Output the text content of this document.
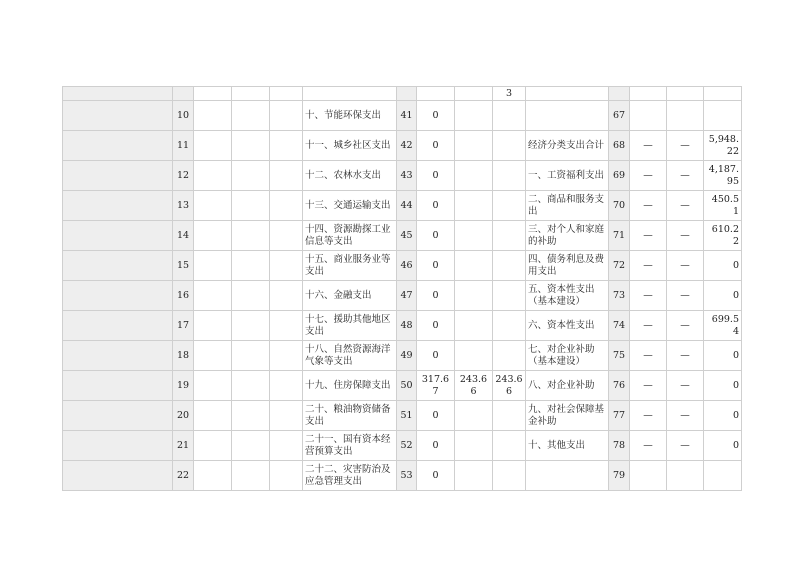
									3					
	10				十、节能环保支出	41	0				67			
	11				十一、城乡社区支出	42	0			经济分类支出合计	68	—	—	5,948.22
	12				十二、农林水支出	43	0			一、工资福利支出	69	—	—	4,187.95
	13				十三、交通运输支出	44	0			二、商品和服务支出	70	—	—	450.51
	14				十四、资源勘探工业信息等支出	45	0			三、对个人和家庭的补助	71	—	—	610.22
	15				十五、商业服务业等支出	46	0			四、债务利息及费用支出	72	—	—	0
	16				十六、金融支出	47	0			五、资本性支出（基本建设）	73	—	—	0
	17				十七、援助其他地区支出	48	0			六、资本性支出	74	—	—	699.54
	18				十八、自然资源海洋气象等支出	49	0			七、对企业补助（基本建设）	75	—	—	0
	19				十九、住房保障支出	50	317.67	243.66	243.66	八、对企业补助	76	—	—	0
	20				二十、粮油物资储备支出	51	0			九、对社会保障基金补助	77	—	—	0
	21				二十一、国有资本经营预算支出	52	0			十、其他支出	78	—	—	0
	22				二十二、灾害防治及应急管理支出	53	0				79			
